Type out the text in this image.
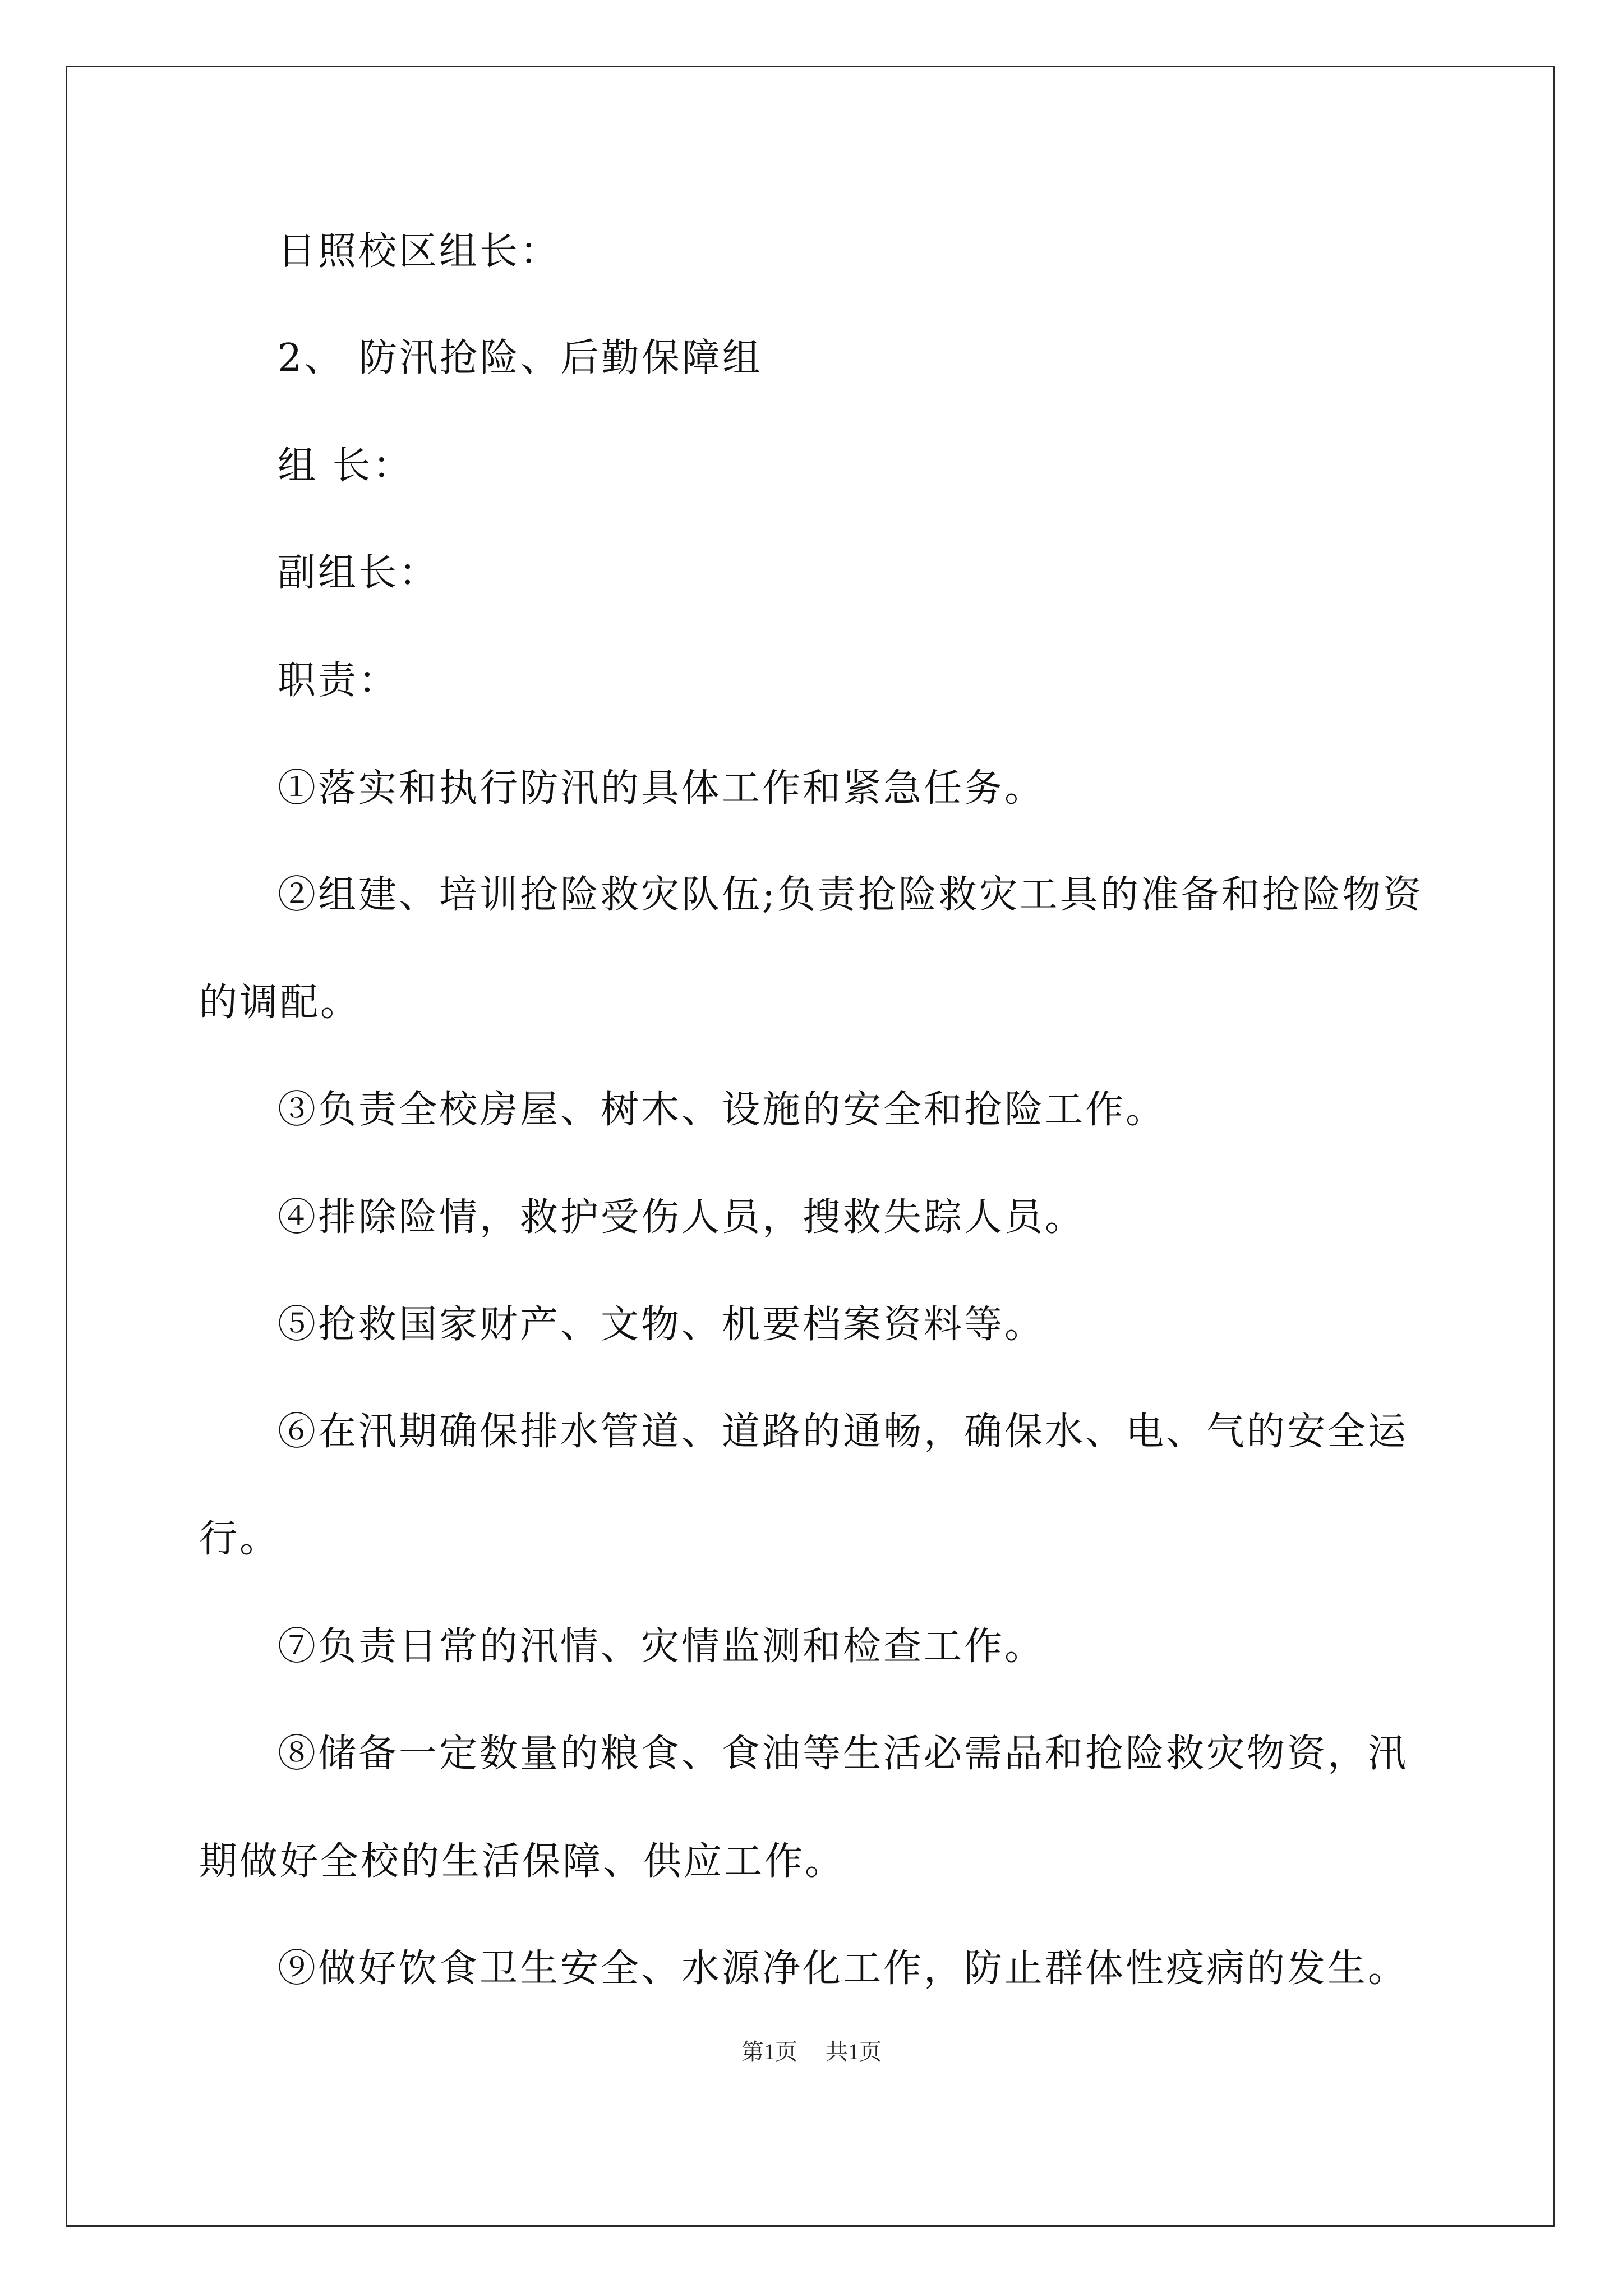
日照校区组长：
2、 防汛抢险、后勤保障组
组 长：
副组长：
职责：
①落实和执行防汛的具体工作和紧急任务。
②组建、培训抢险救灾队伍;负责抢险救灾工具的准备和抢险物资
的调配。
③负责全校房屋、树木、设施的安全和抢险工作。
④排除险情，救护受伤人员，搜救失踪人员。
⑤抢救国家财产、文物、机要档案资料等。
⑥在汛期确保排水管道、道路的通畅，确保水、电、气的安全运
行。
⑦负责日常的汛情、灾情监测和检查工作。
⑧储备一定数量的粮食、食油等生活必需品和抢险救灾物资，汛
期做好全校的生活保障、供应工作。
⑨做好饮食卫生安全、水源净化工作，防止群体性疫病的发生。
第1页 共1页
